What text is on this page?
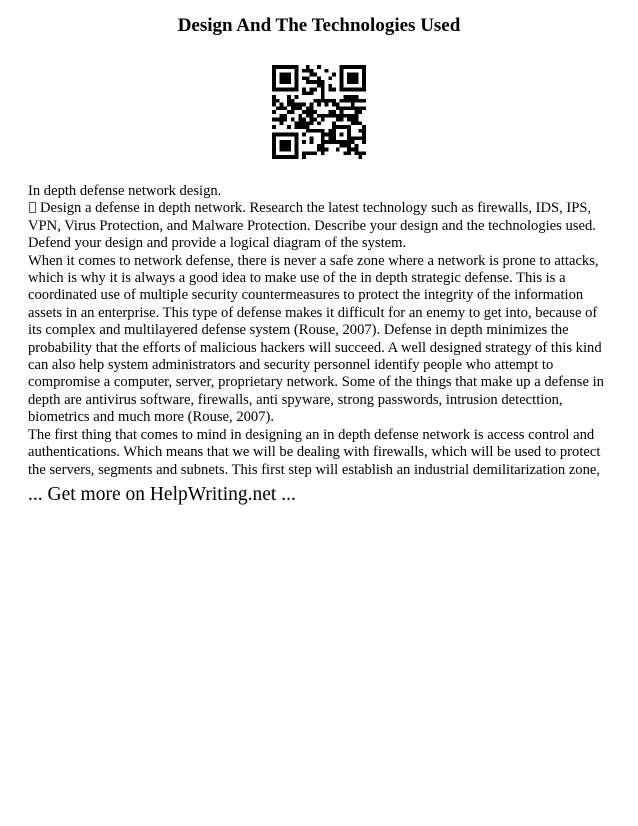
Design And The Technologies Used

In depth defense network design.

Design a defense in depth network. Research the latest technology such as firewalls, IDS, IPS, VPN, Virus Protection, and Malware Protection. Describe your design and the technologies used. Defend your design and provide a logical diagram of the system.

When it comes to network defense, there is never a safe zone where a network is prone to attacks, which is why it is always a good idea to make use of the in depth strategic defense. This is a coordinated use of multiple security countermeasures to protect the integrity of the information assets in an enterprise. This type of defense makes it difficult for an enemy to get into, because of its complex and multilayered defense system (Rouse, 2007). Defense in depth minimizes the probability that the efforts of malicious hackers will succeed. A well designed strategy of this kind can also help system administrators and security personnel identify people who attempt to compromise a computer, server, proprietary network. Some of the things that make up a defense in depth are antivirus software, firewalls, anti spyware, strong passwords, intrusion detecttion, biometrics and much more (Rouse, 2007).

The first thing that comes to mind in designing an in depth defense network is access control and authentications. Which means that we will be dealing with firewalls, which will be used to protect the servers, segments and subnets. This first step will establish an industrial demilitarization zone,

... Get more on HelpWriting.net ...
